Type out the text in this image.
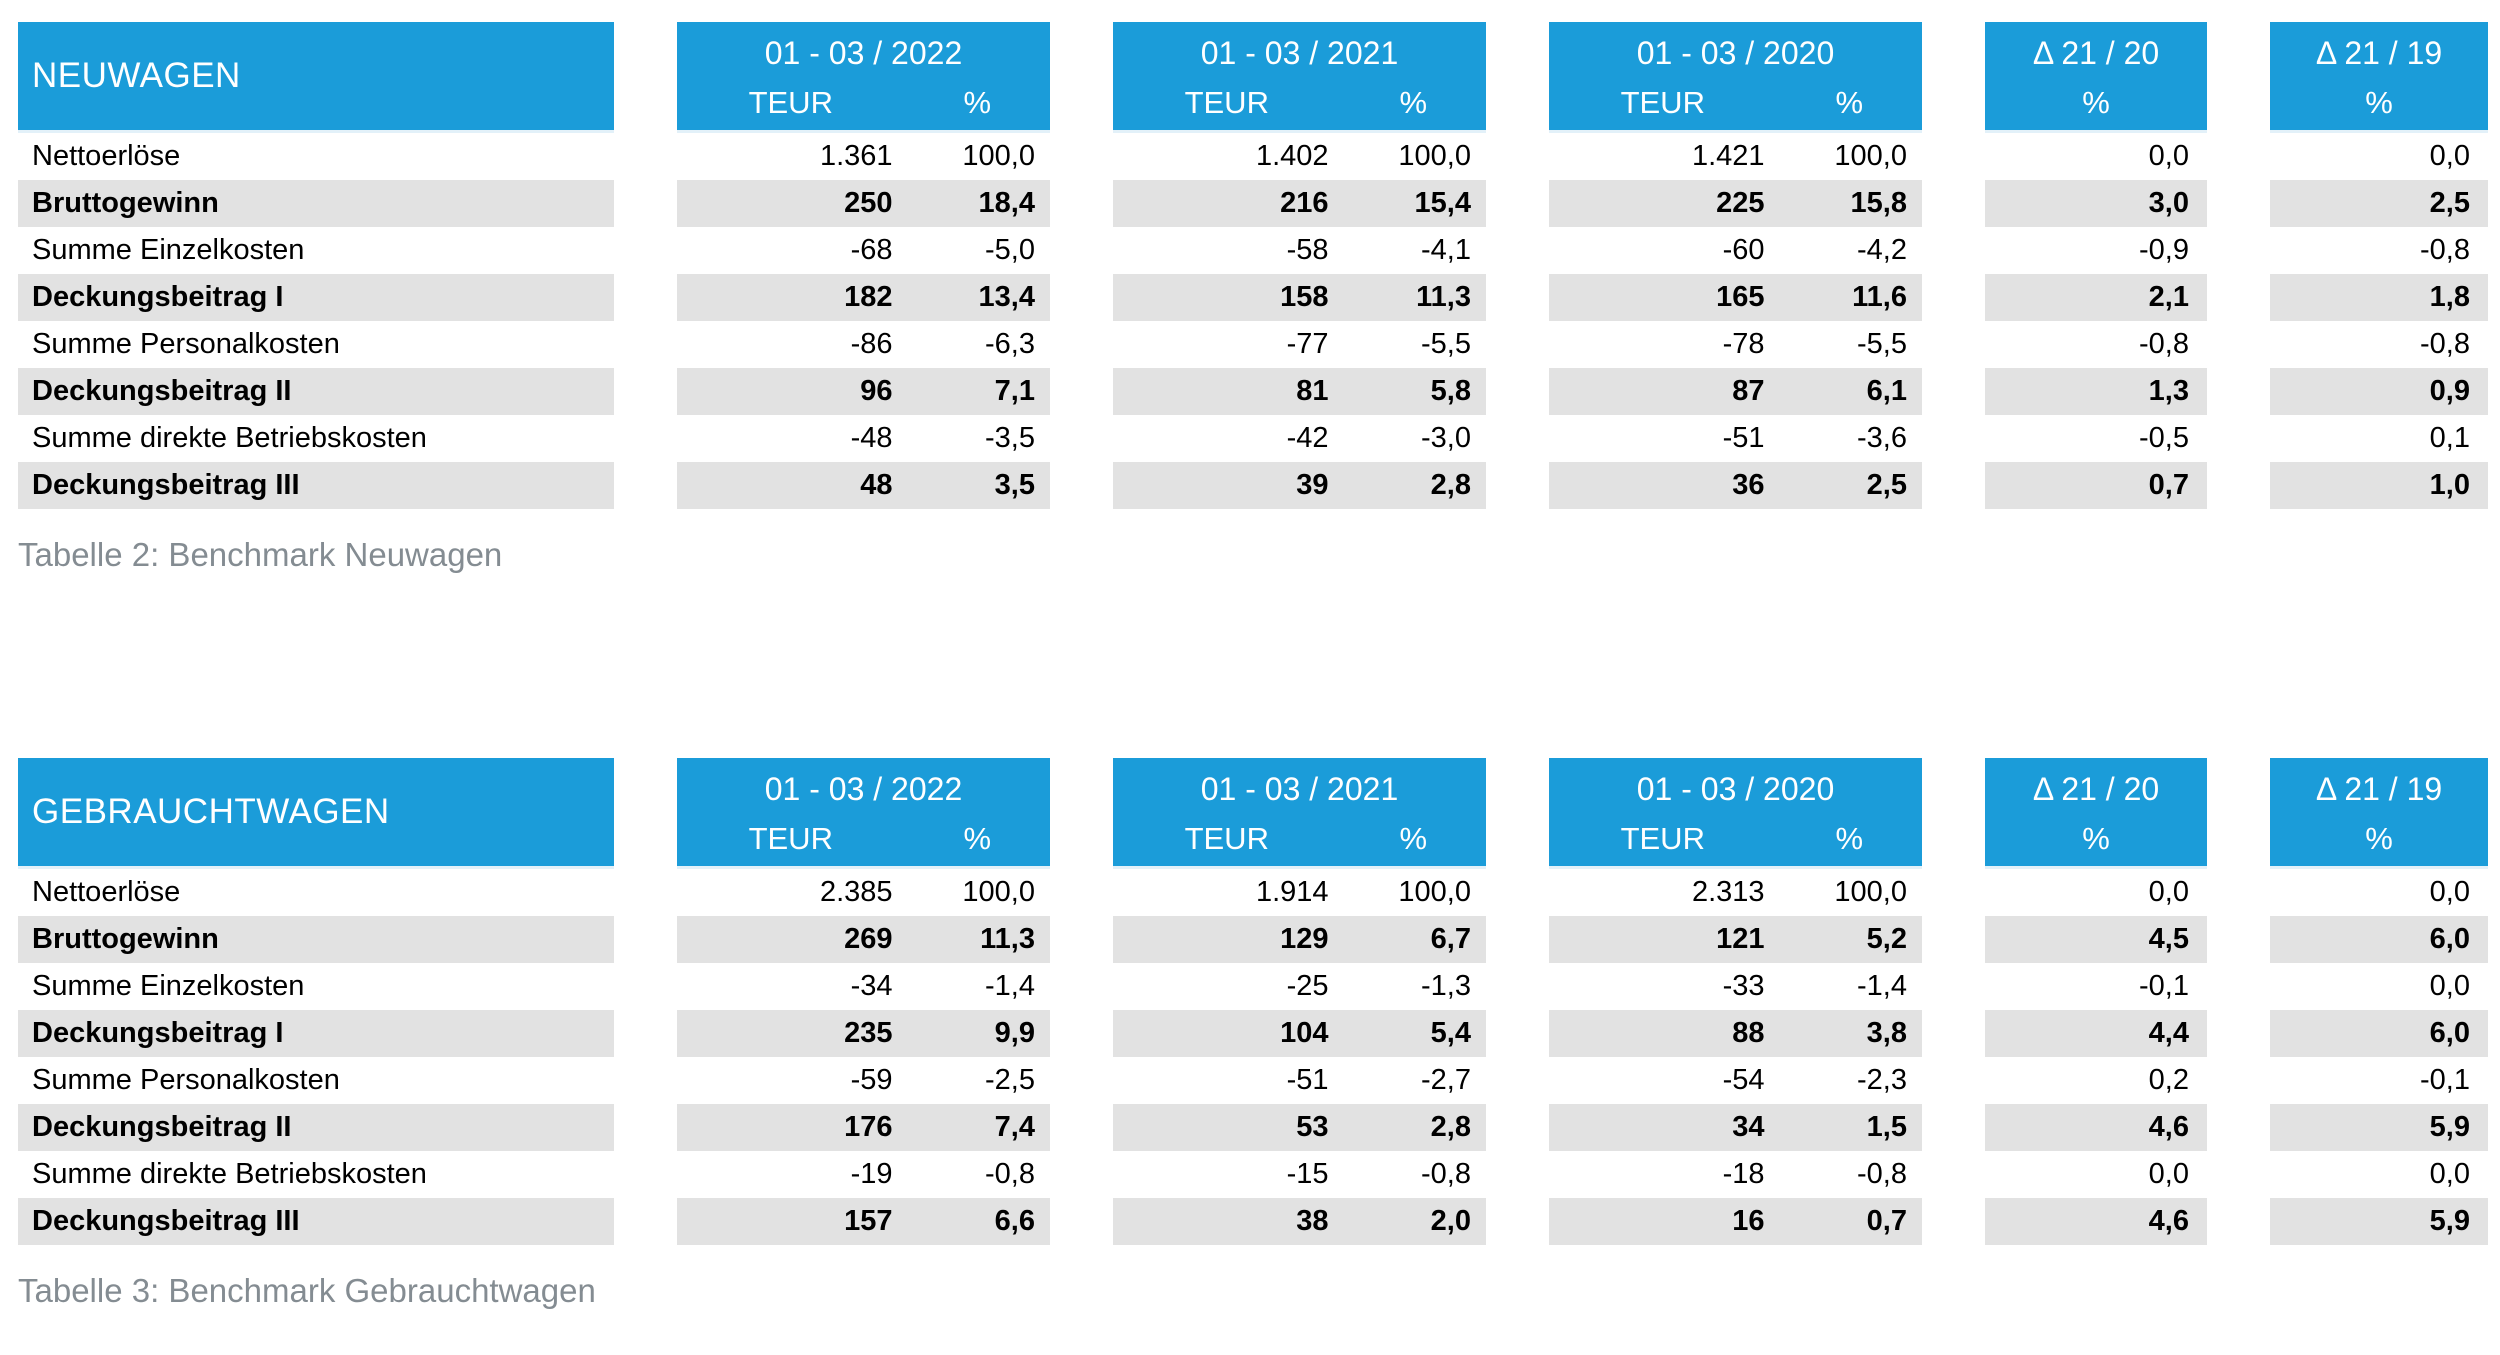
NEUWAGEN
01 - 03 / 2022
TEUR	%
01 - 03 / 2021
TEUR	%
01 - 03 / 2020
TEUR	%
Δ 21 / 20
%
Δ 21 / 19
%
Nettoerlöse	1.361	100,0	1.402	100,0	1.421	100,0	0,0	0,0
Bruttogewinn	250	18,4	216	15,4	225	15,8	3,0	2,5
Summe Einzelkosten	-68	-5,0	-58	-4,1	-60	-4,2	-0,9	-0,8
Deckungsbeitrag I	182	13,4	158	11,3	165	11,6	2,1	1,8
Summe Personalkosten	-86	-6,3	-77	-5,5	-78	-5,5	-0,8	-0,8
Deckungsbeitrag II	96	7,1	81	5,8	87	6,1	1,3	0,9
Summe direkte Betriebskosten	-48	-3,5	-42	-3,0	-51	-3,6	-0,5	0,1
Deckungsbeitrag III	48	3,5	39	2,8	36	2,5	0,7	1,0
Tabelle 2: Benchmark Neuwagen
GEBRAUCHTWAGEN
01 - 03 / 2022
TEUR	%
01 - 03 / 2021
TEUR	%
01 - 03 / 2020
TEUR	%
Δ 21 / 20
%
Δ 21 / 19
%
Nettoerlöse	2.385	100,0	1.914	100,0	2.313	100,0	0,0	0,0
Bruttogewinn	269	11,3	129	6,7	121	5,2	4,5	6,0
Summe Einzelkosten	-34	-1,4	-25	-1,3	-33	-1,4	-0,1	0,0
Deckungsbeitrag I	235	9,9	104	5,4	88	3,8	4,4	6,0
Summe Personalkosten	-59	-2,5	-51	-2,7	-54	-2,3	0,2	-0,1
Deckungsbeitrag II	176	7,4	53	2,8	34	1,5	4,6	5,9
Summe direkte Betriebskosten	-19	-0,8	-15	-0,8	-18	-0,8	0,0	0,0
Deckungsbeitrag III	157	6,6	38	2,0	16	0,7	4,6	5,9
Tabelle 3: Benchmark Gebrauchtwagen
